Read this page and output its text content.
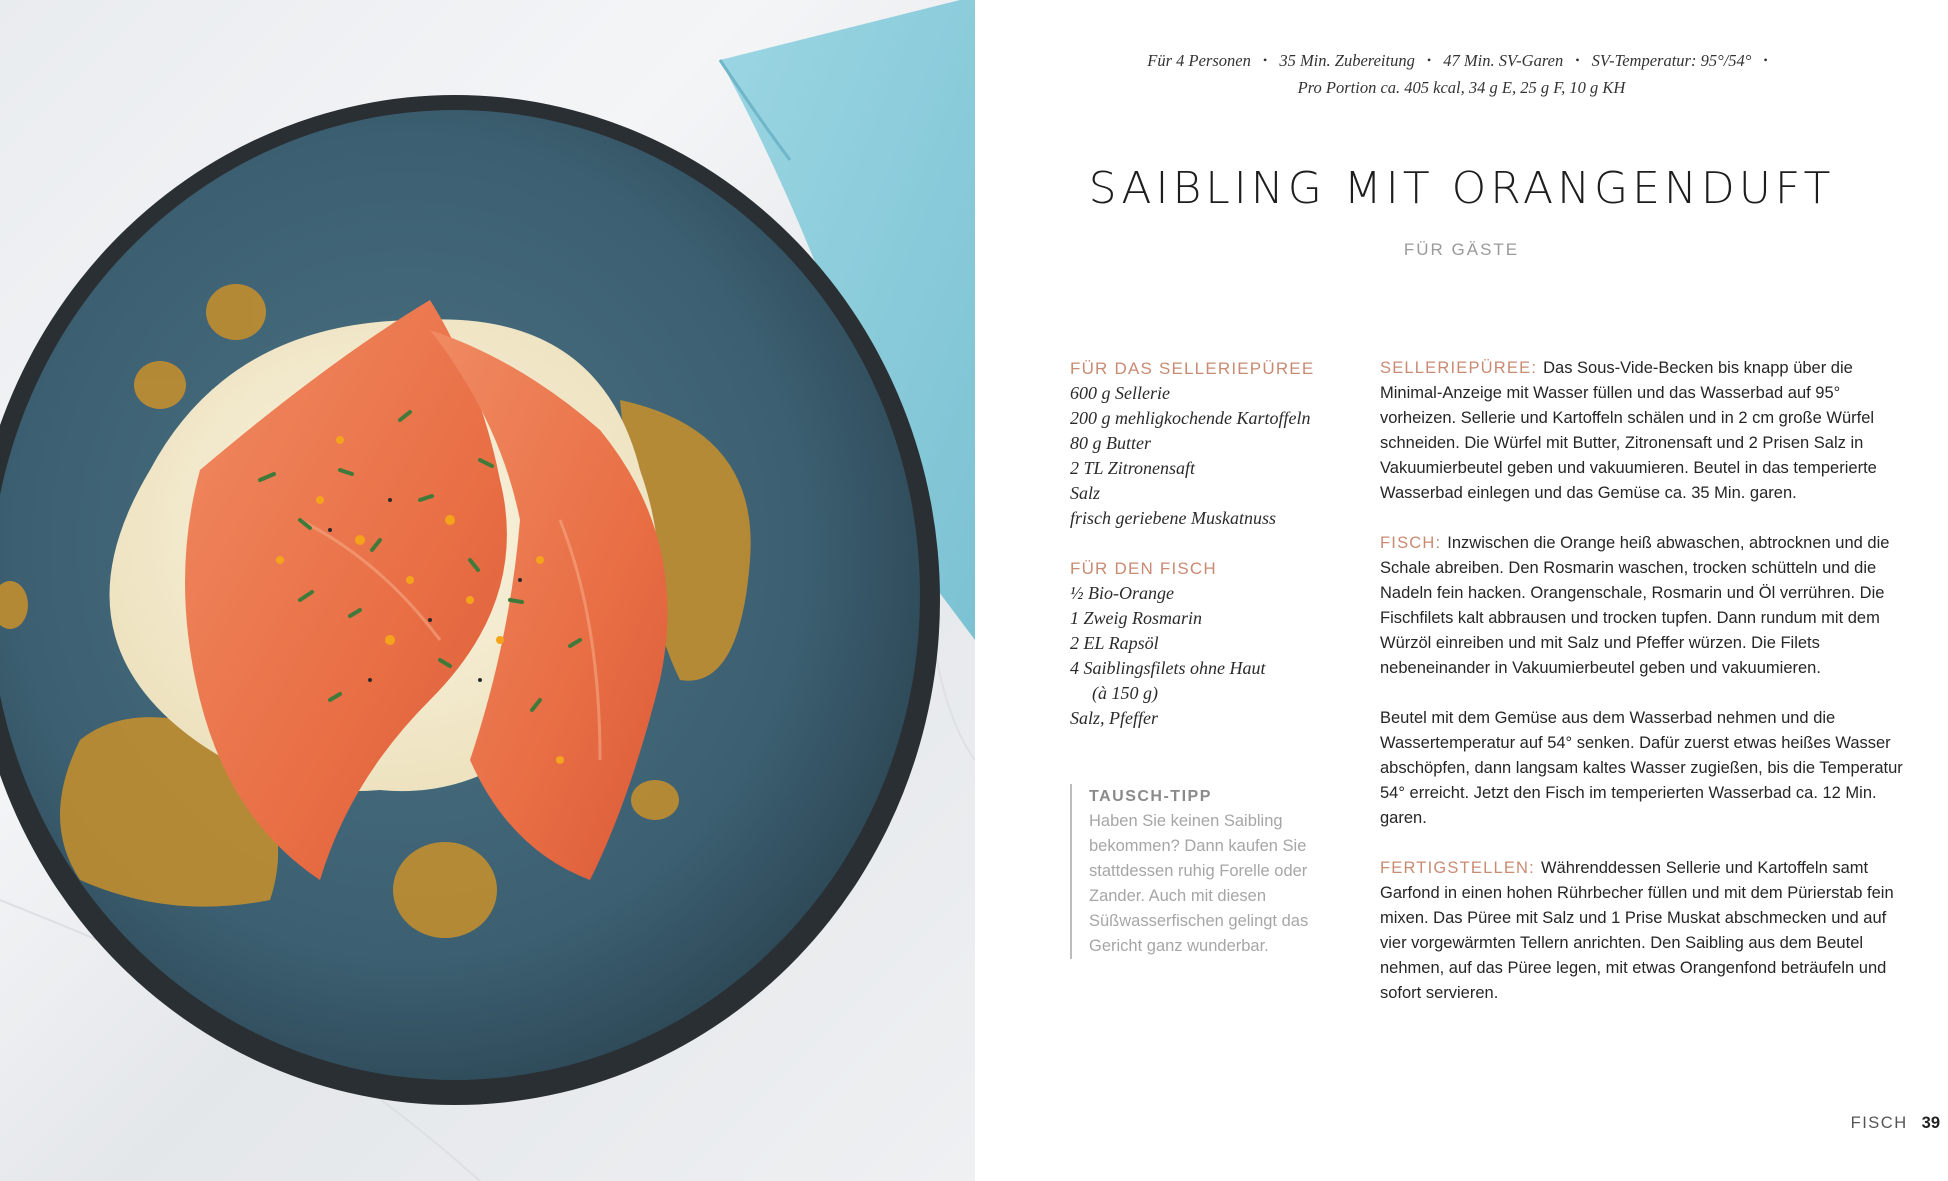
Für 4 Personen • 35 Min. Zubereitung • 47 Min. SV-Garen • SV-Temperatur: 95°/54° •
Pro Portion ca. 405 kcal, 34 g E, 25 g F, 10 g KH
SAIBLING MIT ORANGENDUFT
FÜR GÄSTE
FÜR DAS SELLERIEPÜREE
600 g Sellerie
200 g mehligkochende Kartoffeln
80 g Butter
2 TL Zitronensaft
Salz
frisch geriebene Muskatnuss
FÜR DEN FISCH
½ Bio-Orange
1 Zweig Rosmarin
2 EL Rapsöl
4 Saiblingsfilets ohne Haut
(à 150 g)
Salz, Pfeffer
TAUSCH-TIPP

Haben Sie keinen Saibling bekommen? Dann kaufen Sie stattdessen ruhig Forelle oder Zander. Auch mit diesen Süßwasserfischen gelingt das Gericht ganz wunderbar.

SELLERIEPÜREE: Das Sous-Vide-Becken bis knapp über die Minimal-Anzeige mit Wasser füllen und das Wasserbad auf 95° vorheizen. Sellerie und Kartoffeln schälen und in 2 cm große Würfel schneiden. Die Würfel mit Butter, Zitronensaft und 2 Prisen Salz in Vakuumierbeutel geben und vakuumieren. Beutel in das temperierte Wasserbad einlegen und das Gemüse ca. 35 Min. garen.

FISCH: Inzwischen die Orange heiß abwaschen, abtrocknen und die Schale abreiben. Den Rosmarin waschen, trocken schütteln und die Nadeln fein hacken. Orangenschale, Rosmarin und Öl verrühren. Die Fischfilets kalt abbrausen und trocken tupfen. Dann rundum mit dem Würzöl einreiben und mit Salz und Pfeffer würzen. Die Filets nebeneinander in Vakuumierbeutel geben und vakuumieren.

Beutel mit dem Gemüse aus dem Wasserbad nehmen und die Wassertemperatur auf 54° senken. Dafür zuerst etwas heißes Wasser abschöpfen, dann langsam kaltes Wasser zugießen, bis die Temperatur 54° erreicht. Jetzt den Fisch im temperierten Wasserbad ca. 12 Min. garen.

FERTIGSTELLEN: Währenddessen Sellerie und Kartoffeln samt Garfond in einen hohen Rührbecher füllen und mit dem Pürierstab fein mixen. Das Püree mit Salz und 1 Prise Muskat abschmecken und auf vier vorgewärmten Tellern anrichten. Den Saibling aus dem Beutel nehmen, auf das Püree legen, mit etwas Orangenfond beträufeln und sofort servieren.

FISCH 39
